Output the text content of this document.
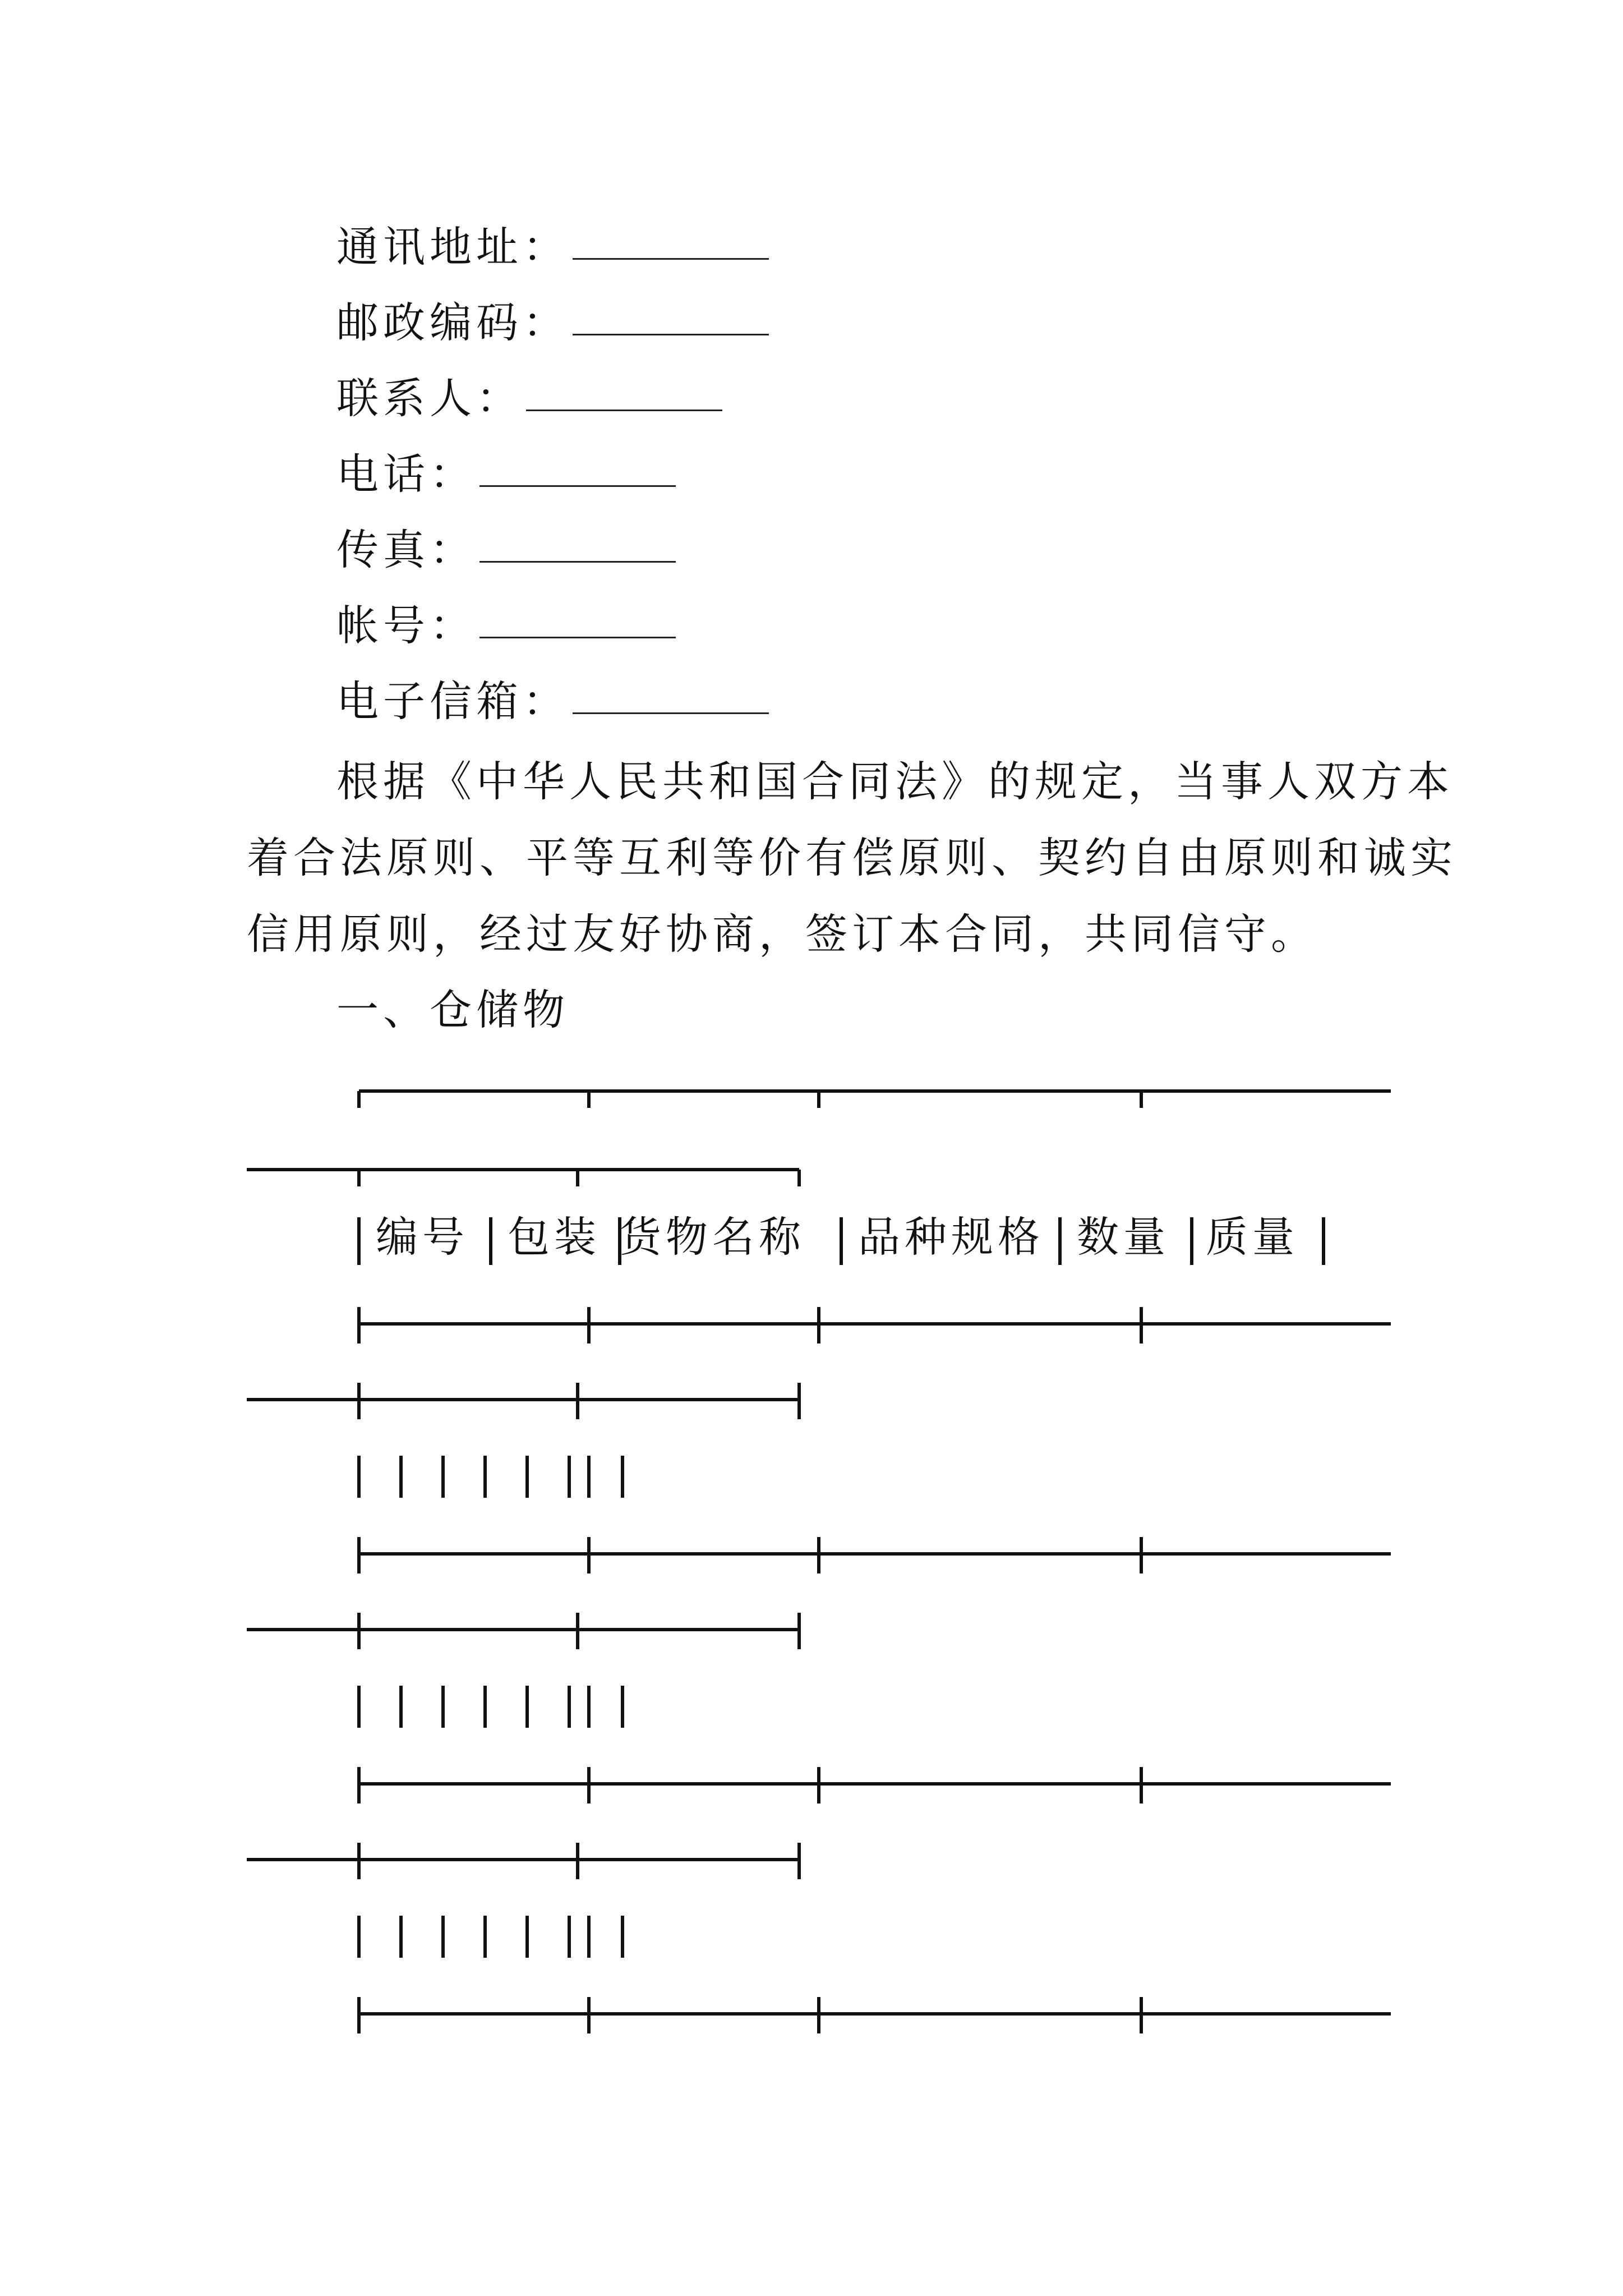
通讯地址：
邮政编码：
联系人：
电话：
传真：
帐号：
电子信箱：
根据《中华人民共和国合同法》的规定，当事人双方本
着合法原则、平等互利等价有偿原则、契约自由原则和诚实
信用原则，经过友好协商，签订本合同，共同信守。
一、仓储物
编号 包装 货物名称 品种规格 数量 质量
